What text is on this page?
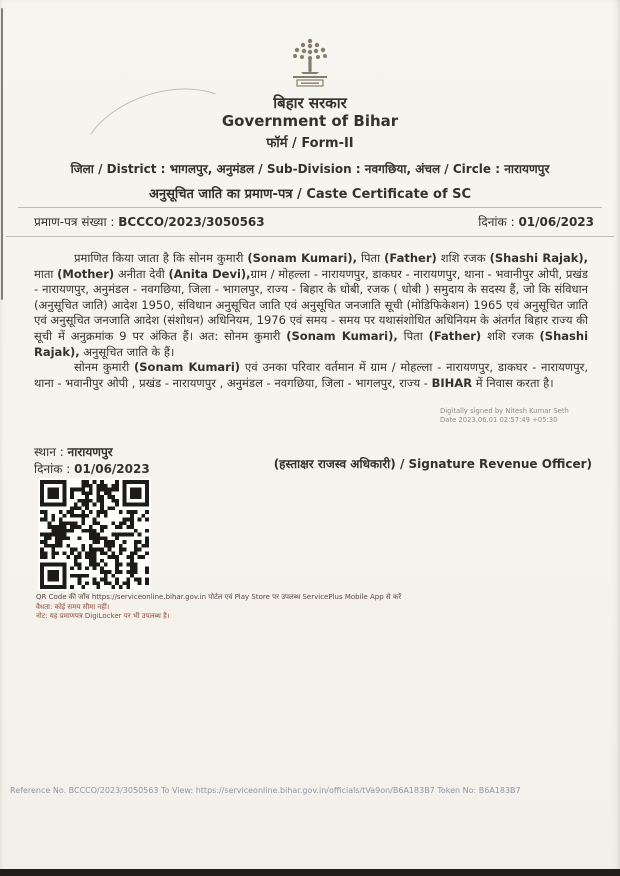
बिहार सरकार
Government of Bihar
फॉर्म / Form-II
जिला / District : भागलपुर, अनुमंडल / Sub-Division : नवगछिया, अंचल / Circle : नारायणपुर
अनुसूचित जाति का प्रमाण-पत्र / Caste Certificate of SC
प्रमाण-पत्र संख्या : BCCCO/2023/3050563	दिनांक : 01/06/2023
प्रमाणित किया जाता है कि सोनम कुमारी (Sonam Kumari), पिता (Father) शशि रजक (Shashi Rajak), माता (Mother) अनीता देवी (Anita Devi),ग्राम / मोहल्ला - नारायणपुर, डाकघर - नारायणपुर, थाना - भवानीपुर ओपी, प्रखंड - नारायणपुर, अनुमंडल - नवगछिया, जिला - भागलपुर, राज्य - बिहार के धोबी, रजक ( धोबी ) समुदाय के सदस्य हैं, जो कि संविधान (अनुसूचित जाति) आदेश 1950, संविधान अनुसूचित जाति एवं अनुसूचित जनजाति सूची (मोडिफिकेशन) 1965 एवं अनुसूचित जाति एवं अनुसूचित जनजाति आदेश (संशोधन) अधिनियम, 1976 एवं समय - समय पर यथासंशोधित अधिनियम के अंतर्गत बिहार राज्य की सूची में अनुक्रमांक 9 पर अंकित हैं। अत: सोनम कुमारी (Sonam Kumari), पिता (Father) शशि रजक (Shashi Rajak), अनुसूचित जाति के हैं।
सोनम कुमारी (Sonam Kumari) एवं उनका परिवार वर्तमान में ग्राम / मोहल्ला - नारायणपुर, डाकघर - नारायणपुर, थाना - भवानीपुर ओपी , प्रखंड - नारायणपुर , अनुमंडल - नवगछिया, जिला - भागलपुर, राज्य - BIHAR में निवास करता है।
Digitally signed by Nitesh Kumar Seth
Date 2023.06.01 02:57:49 +05:30
स्थान : नारायणपुर
दिनांक : 01/06/2023	(हस्ताक्षर राजस्व अधिकारी) / Signature Revenue Officer)
QR Code की जाँच https://serviceonline.bihar.gov.in पोर्टल एवं Play Store पर उपलब्ध ServicePlus Mobile App से करें
वैधता: कोई समय सीमा नहीं।
नोट: यह प्रमाणपत्र DigiLocker पर भी उपलब्ध है।
Reference No. BCCCO/2023/3050563 To View: https://serviceonline.bihar.gov.in/officials/tVa9on/B6A183B7 Token No: B6A183B7
